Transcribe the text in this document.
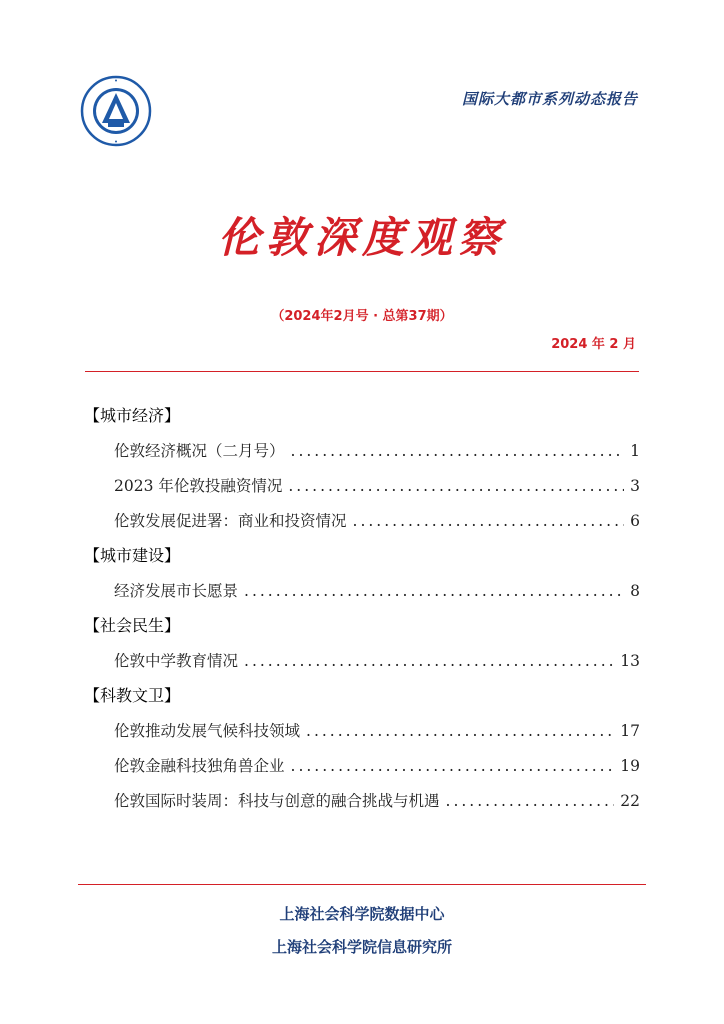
国际大都市系列动态报告
伦敦深度观察
（2024年2月号 · 总第37期）
2024 年 2 月
【城市经济】
伦敦经济概况（二月号） .....	1
2023 年伦敦投融资情况 .....	3
伦敦发展促进署：商业和投资情况 .....	6
【城市建设】
经济发展市长愿景 .....	8
【社会民生】
伦敦中学教育情况 .....	13
【科教文卫】
伦敦推动发展气候科技领域 .....	17
伦敦金融科技独角兽企业 .....	19
伦敦国际时装周：科技与创意的融合挑战与机遇 .....	22
上海社会科学院数据中心
上海社会科学院信息研究所
